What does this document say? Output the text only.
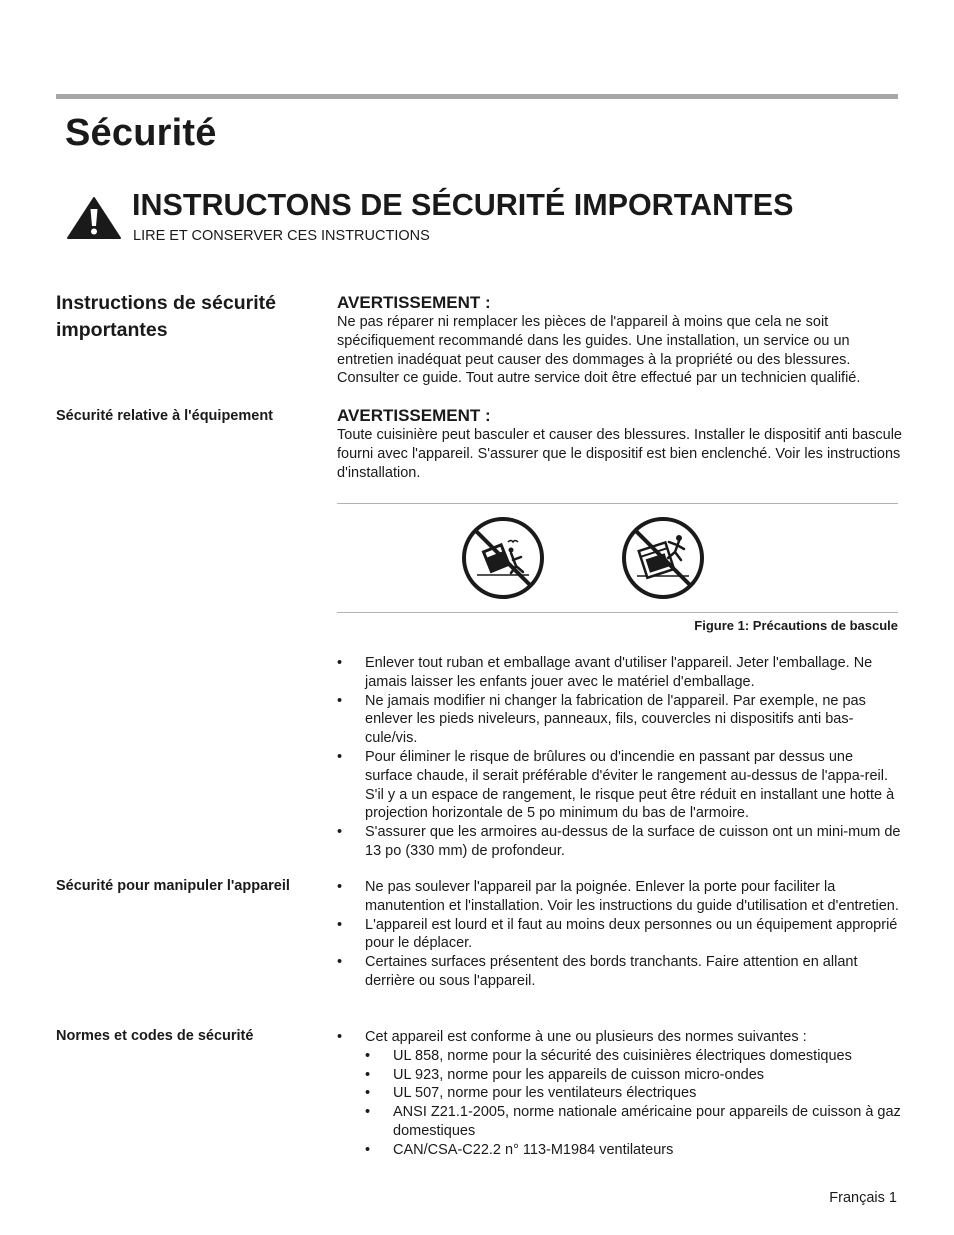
Sécurité
INSTRUCTONS DE SÉCURITÉ IMPORTANTES
LIRE ET CONSERVER CES INSTRUCTIONS
Instructions de sécurité importantes
Sécurité relative à l'équipement
Sécurité pour manipuler l'appareil
Normes et codes de sécurité
AVERTISSEMENT :

Ne pas réparer ni remplacer les pièces de l'appareil à moins que cela ne soit spécifiquement recommandé dans les guides. Une installation, un service ou un entretien inadéquat peut causer des dommages à la propriété ou des blessures. Consulter ce guide. Tout autre service doit être effectué par un technicien qualifié.

AVERTISSEMENT :

Toute cuisinière peut basculer et causer des blessures. Installer le dispositif anti bascule fourni avec l'appareil. S'assurer que le dispositif est bien enclenché. Voir les instructions d'installation.

Figure 1: Précautions de bascule
• Enlever tout ruban et emballage avant d'utiliser l'appareil. Jeter l'emballage. Ne jamais laisser les enfants jouer avec le matériel d'emballage.
• Ne jamais modifier ni changer la fabrication de l'appareil. Par exemple, ne pas enlever les pieds niveleurs, panneaux, fils, couvercles ni dispositifs anti bas-cule/vis.
• Pour éliminer le risque de brûlures ou d'incendie en passant par dessus une surface chaude, il serait préférable d'éviter le rangement au-dessus de l'appa-reil. S'il y a un espace de rangement, le risque peut être réduit en installant une hotte à projection horizontale de 5 po minimum du bas de l'armoire.
• S'assurer que les armoires au-dessus de la surface de cuisson ont un mini-mum de 13 po (330 mm) de profondeur.
• Ne pas soulever l'appareil par la poignée. Enlever la porte pour faciliter la manutention et l'installation. Voir les instructions du guide d'utilisation et d'entretien.
• L'appareil est lourd et il faut au moins deux personnes ou un équipement approprié pour le déplacer.
• Certaines surfaces présentent des bords tranchants. Faire attention en allant derrière ou sous l'appareil.
• Cet appareil est conforme à une ou plusieurs des normes suivantes :
• UL 858, norme pour la sécurité des cuisinières électriques domestiques
• UL 923, norme pour les appareils de cuisson micro-ondes
• UL 507, norme pour les ventilateurs électriques
• ANSI Z21.1-2005, norme nationale américaine pour appareils de cuisson à gaz domestiques
• CAN/CSA-C22.2 n° 113-M1984 ventilateurs
Français 1
